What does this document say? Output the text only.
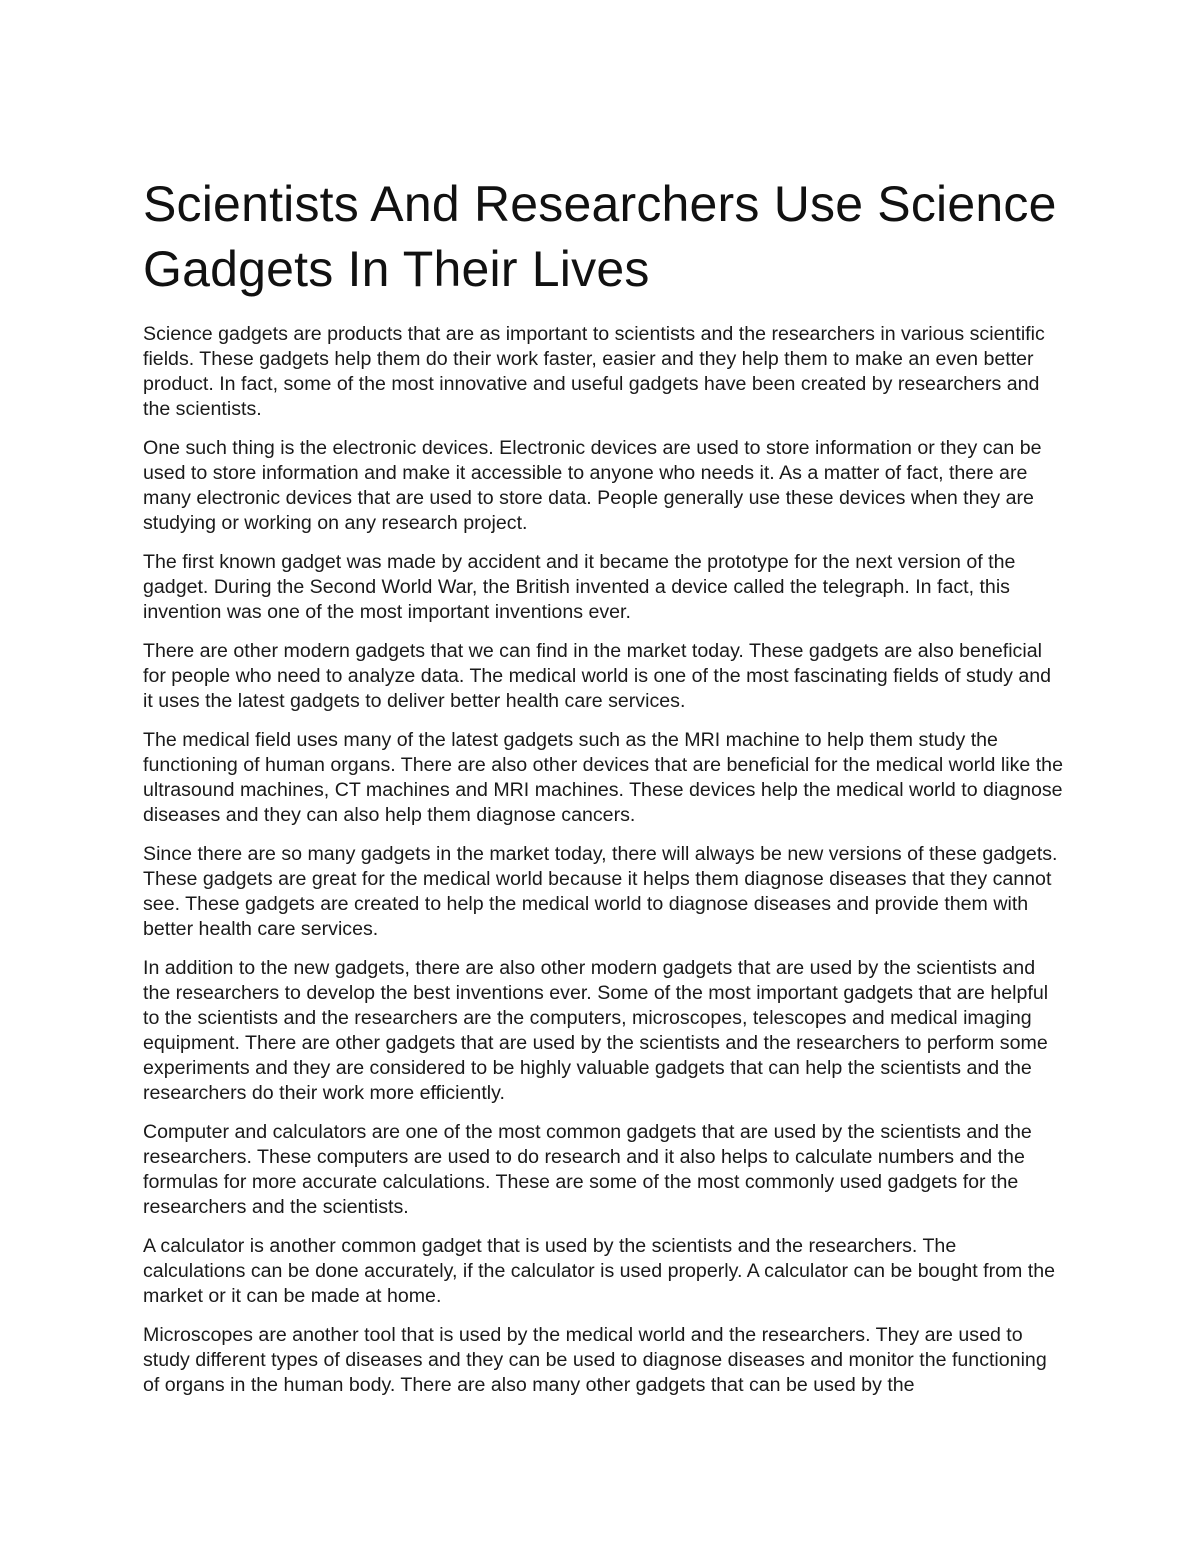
Scientists And Researchers Use Science Gadgets In Their Lives

Science gadgets are products that are as important to scientists and the researchers in various scientific fields. These gadgets help them do their work faster, easier and they help them to make an even better product. In fact, some of the most innovative and useful gadgets have been created by researchers and the scientists.

One such thing is the electronic devices. Electronic devices are used to store information or they can be used to store information and make it accessible to anyone who needs it. As a matter of fact, there are many electronic devices that are used to store data. People generally use these devices when they are studying or working on any research project.

The first known gadget was made by accident and it became the prototype for the next version of the gadget. During the Second World War, the British invented a device called the telegraph. In fact, this invention was one of the most important inventions ever.

There are other modern gadgets that we can find in the market today. These gadgets are also beneficial for people who need to analyze data. The medical world is one of the most fascinating fields of study and it uses the latest gadgets to deliver better health care services.

The medical field uses many of the latest gadgets such as the MRI machine to help them study the functioning of human organs. There are also other devices that are beneficial for the medical world like the ultrasound machines, CT machines and MRI machines. These devices help the medical world to diagnose diseases and they can also help them diagnose cancers.

Since there are so many gadgets in the market today, there will always be new versions of these gadgets. These gadgets are great for the medical world because it helps them diagnose diseases that they cannot see. These gadgets are created to help the medical world to diagnose diseases and provide them with better health care services.

In addition to the new gadgets, there are also other modern gadgets that are used by the scientists and the researchers to develop the best inventions ever. Some of the most important gadgets that are helpful to the scientists and the researchers are the computers, microscopes, telescopes and medical imaging equipment. There are other gadgets that are used by the scientists and the researchers to perform some experiments and they are considered to be highly valuable gadgets that can help the scientists and the researchers do their work more efficiently.

Computer and calculators are one of the most common gadgets that are used by the scientists and the researchers. These computers are used to do research and it also helps to calculate numbers and the formulas for more accurate calculations. These are some of the most commonly used gadgets for the researchers and the scientists.

A calculator is another common gadget that is used by the scientists and the researchers. The calculations can be done accurately, if the calculator is used properly. A calculator can be bought from the market or it can be made at home.

Microscopes are another tool that is used by the medical world and the researchers. They are used to study different types of diseases and they can be used to diagnose diseases and monitor the functioning of organs in the human body. There are also many other gadgets that can be used by the
